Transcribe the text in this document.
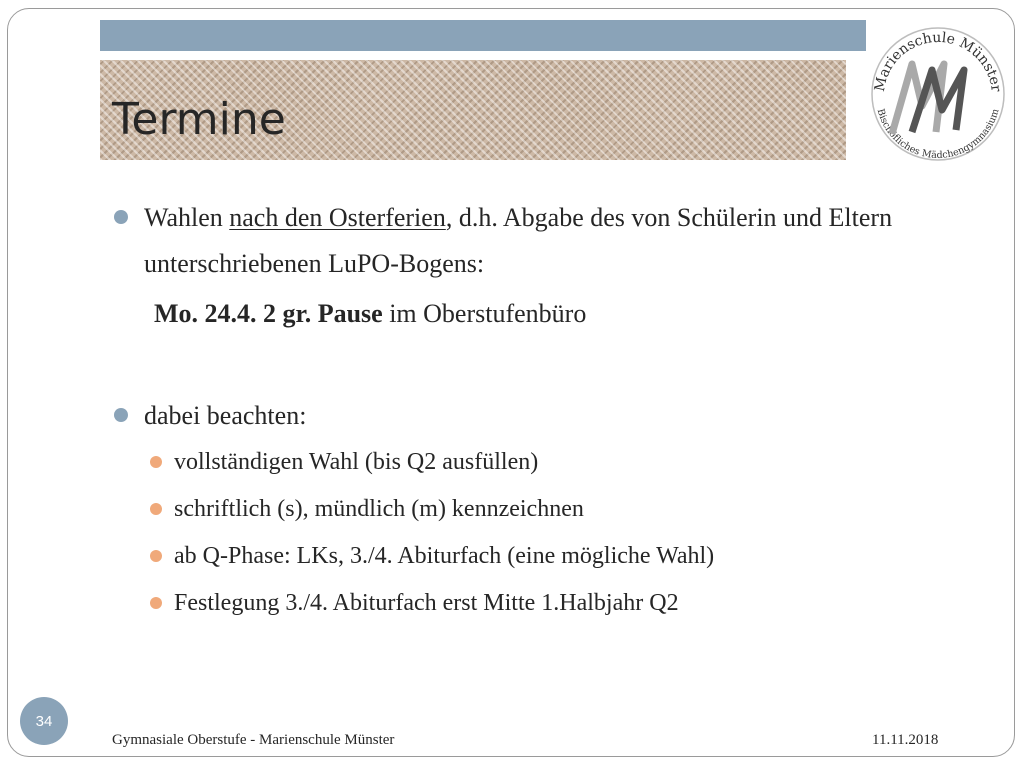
Termine
Marienschule Münster
Bischöfliches Mädchengymnasium
Wahlen nach den Osterferien, d.h. Abgabe des von Schülerin und Eltern unterschriebenen LuPO-Bogens:
Mo. 24.4. 2 gr. Pause im Oberstufenbüro
dabei beachten:
vollständigen Wahl (bis Q2 ausfüllen)
schriftlich (s), mündlich (m) kennzeichnen
ab Q-Phase: LKs, 3./4. Abiturfach (eine mögliche Wahl)
Festlegung 3./4. Abiturfach erst Mitte 1.Halbjahr Q2
34
Gymnasiale Oberstufe - Marienschule Münster	11.11.2018
